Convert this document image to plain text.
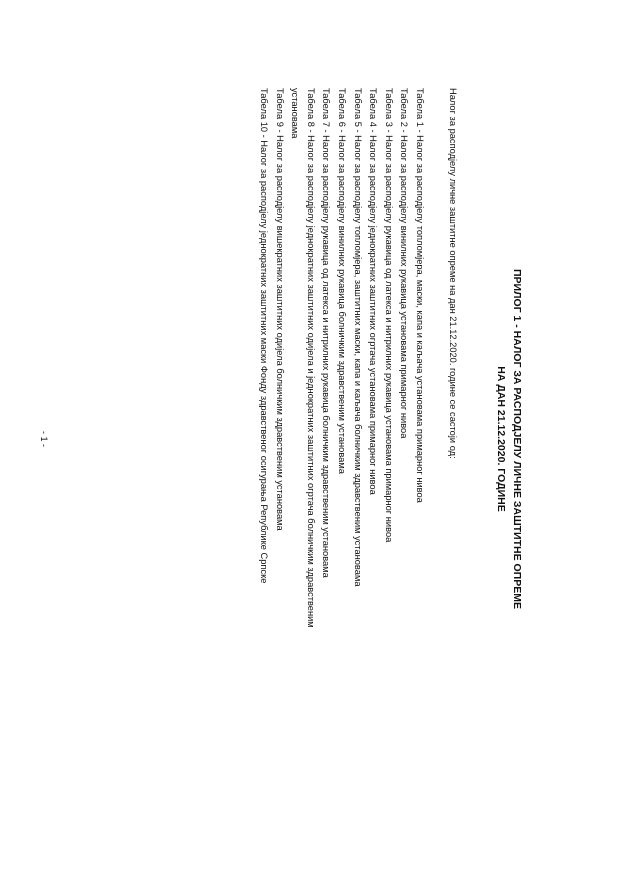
ПРИЛОГ 1 - НАЛОГ ЗА РАСПОДЈЕЛУ ЛИЧНЕ ЗАШТИТНЕ ОПРЕМЕ
НА ДАН 21.12.2020. ГОДИНЕ
Налог за расподјелу личне заштитне опреме на дан 21.12.2020. године се састоји од:
Табела 1 - Налог за расподјелу топломјера, маски, капа и каљача установама примарног нивоа
Табела 2 - Налог за расподјелу винилних рукавица установама примарног нивоа
Табела 3 - Налог за расподјелу рукавица од латекса и нитрилних рукавица установама примарног нивоа
Табела 4 - Налог за расподјелу једнократних заштитних огртача установама примарног нивоа
Табела 5 - Налог за расподјелу топломјера, заштитних маски, капа и каљача болничким здравственим установама
Табела 6 - Налог за расподјелу винилних рукавица болничким здравственим установама
Табела 7 - Налог за расподјелу рукавица од латекса и нитрилних рукавица болничким здравственим установама
Табела 8 - Налог за расподјелу једнократних заштитних одијела и једнократних заштитних огртача болничким здравственим установама
Табела 9 - Налог за расподјелу вишекратних заштитних одијела болничким здравственим установама
Табела 10 - Налог за расподјелу једнократних заштитних маски Фонду здравственог осигурања Републике Српске
- 1 -
